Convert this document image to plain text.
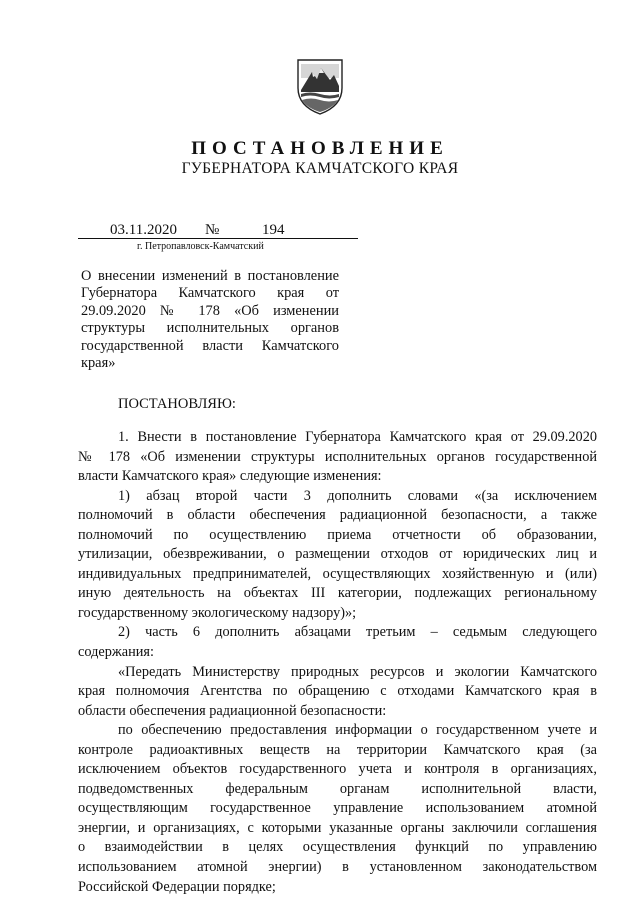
ПОСТАНОВЛЕНИЕ
ГУБЕРНАТОРА КАМЧАТСКОГО КРАЯ
03.11.2020 №	194
г. Петропавловск-Камчатский
О внесении изменений в постановление
Губернатора Камчатского края от
29.09.2020 № 178 «Об изменении
структуры исполнительных органов
государственной власти Камчатского
края»
ПОСТАНОВЛЯЮ:
1. Внести в постановление Губернатора Камчатского края от 29.09.2020
№ 178 «Об изменении структуры исполнительных органов государственной
власти Камчатского края» следующие изменения:
1) абзац второй части 3 дополнить словами «(за исключением
полномочий в области обеспечения радиационной безопасности, а также
полномочий по осуществлению приема отчетности об образовании,
утилизации, обезвреживании, о размещении отходов от юридических лиц и
индивидуальных предпринимателей, осуществляющих хозяйственную и (или)
иную деятельность на объектах III категории, подлежащих региональному
государственному экологическому надзору)»;
2) часть 6 дополнить абзацами третьим – седьмым следующего
содержания:
«Передать Министерству природных ресурсов и экологии Камчатского
края полномочия Агентства по обращению с отходами Камчатского края в
области обеспечения радиационной безопасности:
по обеспечению предоставления информации о государственном учете и
контроле радиоактивных веществ на территории Камчатского края (за
исключением объектов государственного учета и контроля в организациях,
подведомственных федеральным органам исполнительной власти,
осуществляющим государственное управление использованием атомной
энергии, и организациях, с которыми указанные органы заключили соглашения
о взаимодействии в целях осуществления функций по управлению
использованием атомной энергии) в установленном законодательством
Российской Федерации порядке;
